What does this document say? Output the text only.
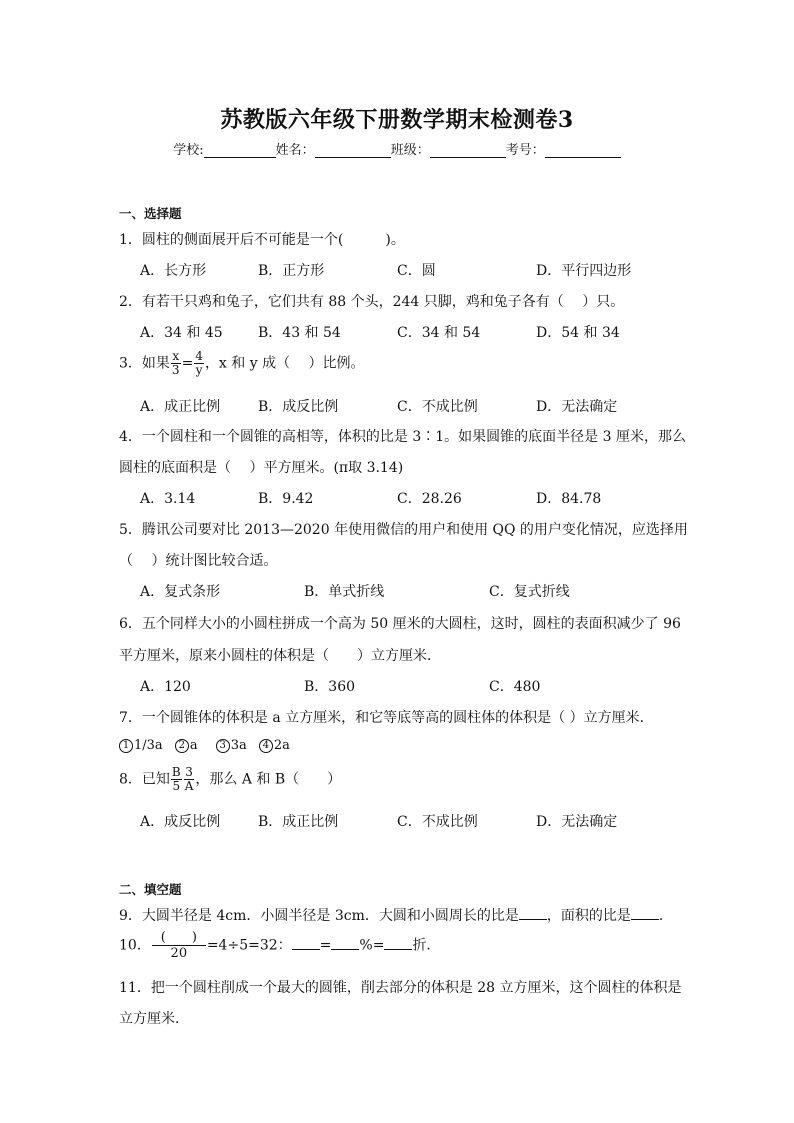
苏教版六年级下册数学期末检测卷3
学校:	姓名：	班级：	考号：
一、选择题
1．圆柱的侧面展开后不可能是一个(　　　)。
A．长方形	B．正方形	C．圆	D．平行四边形
2．有若干只鸡和兔子，它们共有 88 个头，244 只脚，鸡和兔子各有（　 ）只。
A．34 和 45	B．43 和 54	C．34 和 54	D．54 和 34
3．如果 $\frac{x}{3} = \frac{4}{y}$ ，x 和 y 成（　 ）比例。
A．成正比例	B．成反比例	C．不成比例	D．无法确定
4．一个圆柱和一个圆锥的高相等，体积的比是 3∶1。如果圆锥的底面半径是 3 厘米，那么
圆柱的底面积是（　 ）平方厘米。(π取 3.14)
A．3.14	B．9.42	C．28.26	D．84.78
5．腾讯公司要对比 2013—2020 年使用微信的用户和使用 QQ 的用户变化情况，应选择用
（　 ）统计图比较合适。
A．复式条形	B．单式折线	C．复式折线
6．五个同样大小的小圆柱拼成一个高为 50 厘米的大圆柱，这时，圆柱的表面积减少了 96
平方厘米，原来小圆柱的体积是（　　）立方厘米．
A．120	B．360	C．480
7．一个圆锥体的体积是 a 立方厘米，和它等底等高的圆柱体的体积是（ ）立方厘米．
1 1/3a 2 a 3 3a 4 2a
8．已知 $\frac{B}{5} \frac{3}{A}$ ，那么 A 和 B（　　）
A．成反比例	B．成正比例	C．不成比例	D．无法确定
二、填空题
9．大圆半径是 4cm．小圆半径是 3cm．大圆和小圆周长的比是 ，面积的比是 ．
10． $\frac{( )}{20} =4\div 5=32$： = %= 折．
11．把一个圆柱削成一个最大的圆锥，削去部分的体积是 28 立方厘米，这个圆柱的体积是
立方厘米．
